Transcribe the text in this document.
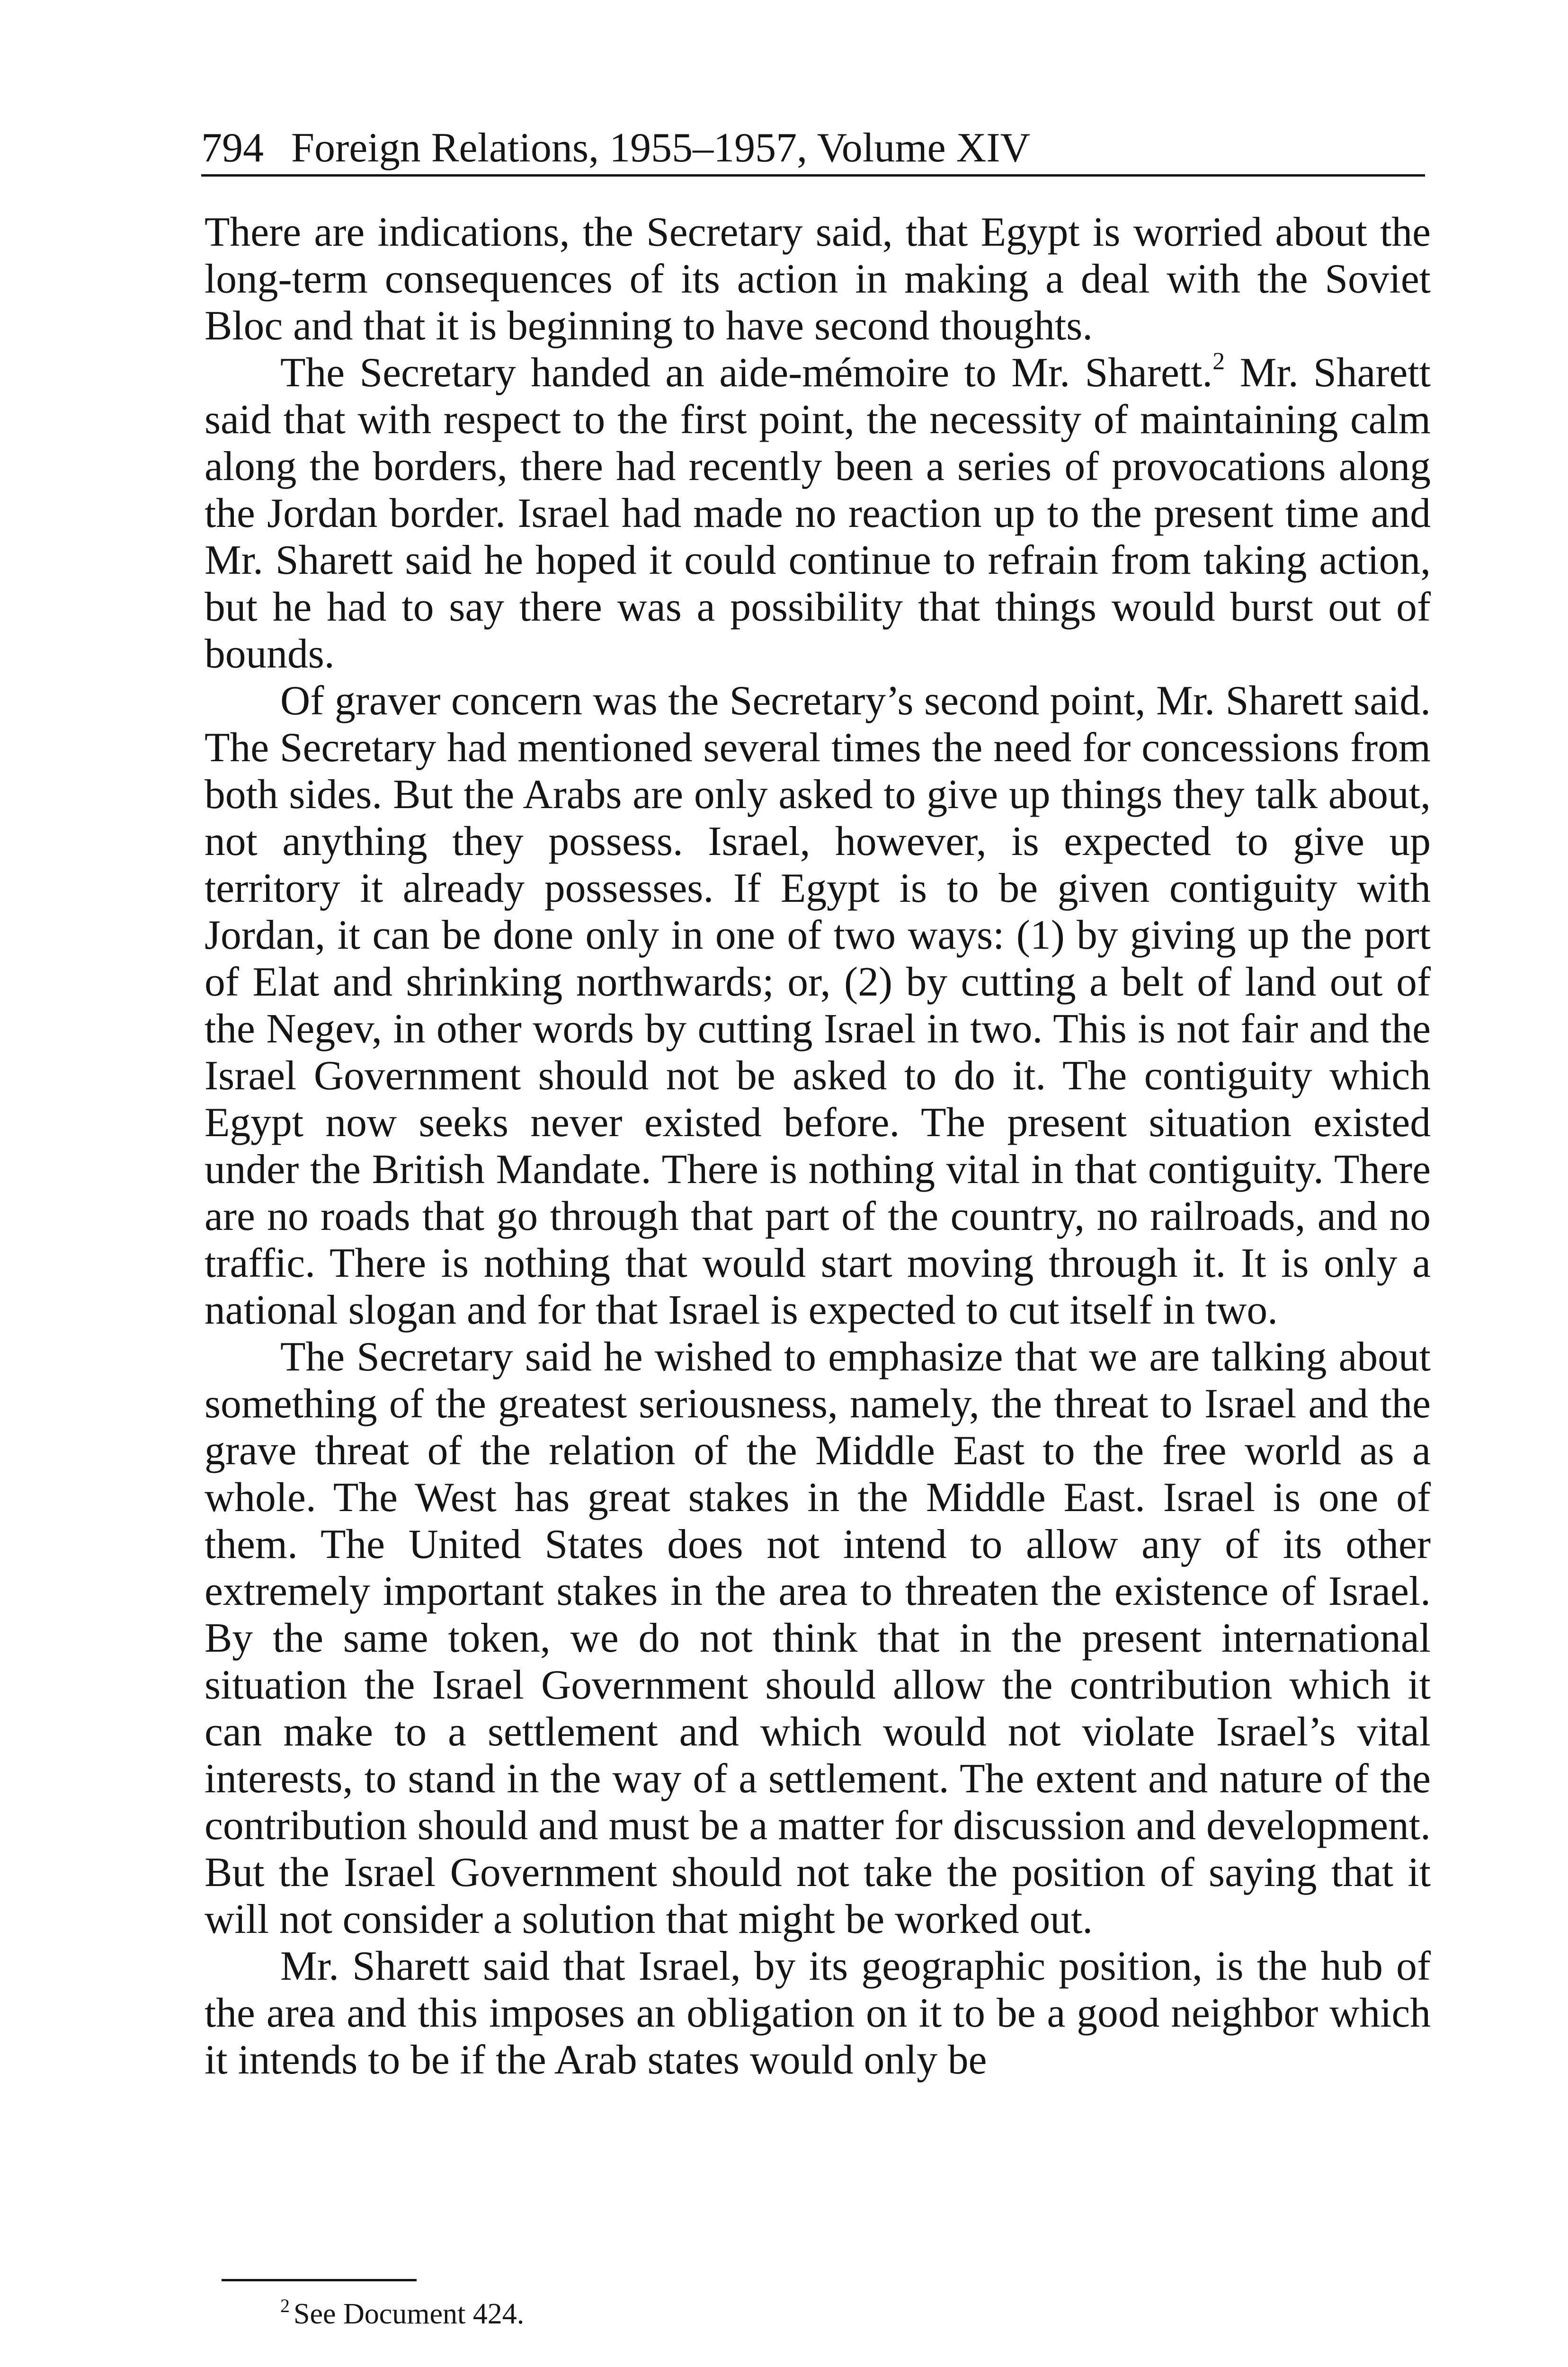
794 Foreign Relations, 1955–1957, Volume XIV

There are indications, the Secretary said, that Egypt is worried about the long-term consequences of its action in making a deal with the Soviet Bloc and that it is beginning to have second thoughts.

The Secretary handed an aide-mémoire to Mr. Sharett.$^2$ Mr. Sharett said that with respect to the first point, the necessity of maintaining calm along the borders, there had recently been a series of provocations along the Jordan border. Israel had made no reaction up to the present time and Mr. Sharett said he hoped it could continue to refrain from taking action, but he had to say there was a possibility that things would burst out of bounds.

Of graver concern was the Secretary’s second point, Mr. Sharett said. The Secretary had mentioned several times the need for concessions from both sides. But the Arabs are only asked to give up things they talk about, not anything they possess. Israel, however, is expected to give up territory it already possesses. If Egypt is to be given contiguity with Jordan, it can be done only in one of two ways: (1) by giving up the port of Elat and shrinking northwards; or, (2) by cutting a belt of land out of the Negev, in other words by cutting Israel in two. This is not fair and the Israel Government should not be asked to do it. The contiguity which Egypt now seeks never existed before. The present situation existed under the British Mandate. There is nothing vital in that contiguity. There are no roads that go through that part of the country, no railroads, and no traffic. There is nothing that would start moving through it. It is only a national slogan and for that Israel is expected to cut itself in two.

The Secretary said he wished to emphasize that we are talking about something of the greatest seriousness, namely, the threat to Israel and the grave threat of the relation of the Middle East to the free world as a whole. The West has great stakes in the Middle East. Israel is one of them. The United States does not intend to allow any of its other extremely important stakes in the area to threaten the existence of Israel. By the same token, we do not think that in the present international situation the Israel Government should allow the contribution which it can make to a settlement and which would not violate Israel’s vital interests, to stand in the way of a settlement. The extent and nature of the contribution should and must be a matter for discussion and development. But the Israel Government should not take the position of saying that it will not consider a solution that might be worked out.

Mr. Sharett said that Israel, by its geographic position, is the hub of the area and this imposes an obligation on it to be a good neighbor which it intends to be if the Arab states would only be

$^2$ See Document 424.
